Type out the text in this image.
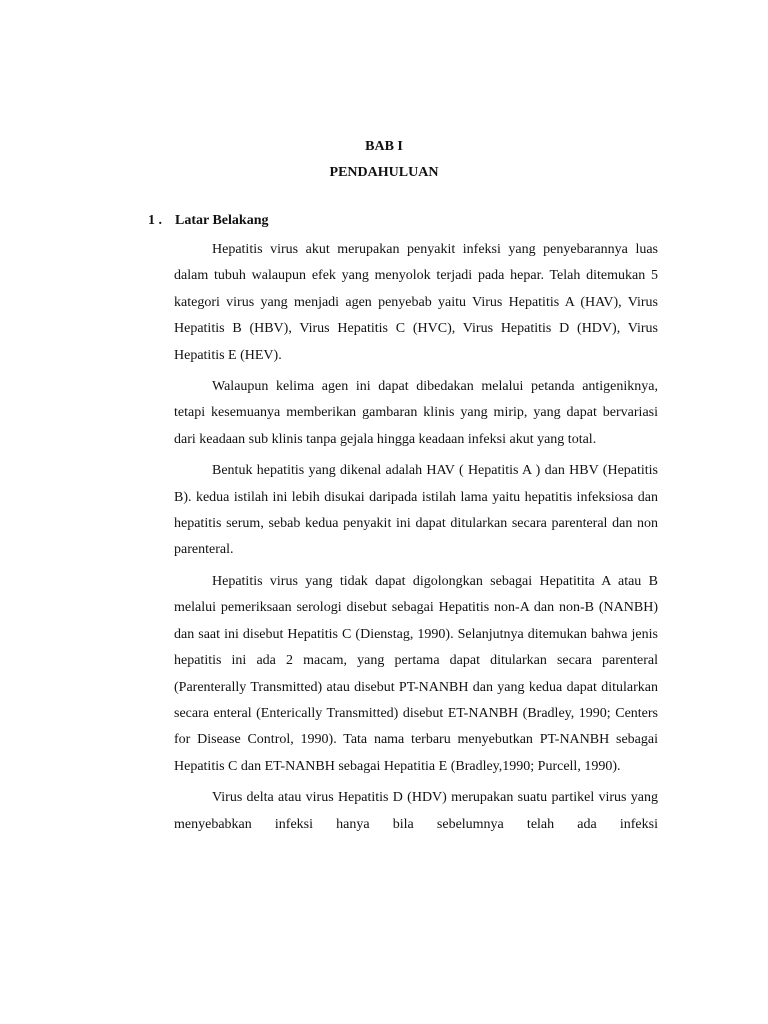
BAB I
PENDAHULUAN
1 . Latar Belakang

Hepatitis virus akut merupakan penyakit infeksi yang penyebarannya luas dalam tubuh walaupun efek yang menyolok terjadi pada hepar. Telah ditemukan 5 kategori virus yang menjadi agen penyebab yaitu Virus Hepatitis A (HAV), Virus Hepatitis B (HBV), Virus Hepatitis C (HVC), Virus Hepatitis D (HDV), Virus Hepatitis E (HEV).

Walaupun kelima agen ini dapat dibedakan melalui petanda antigeniknya, tetapi kesemuanya memberikan gambaran klinis yang mirip, yang dapat bervariasi dari keadaan sub klinis tanpa gejala hingga keadaan infeksi akut yang total.

Bentuk hepatitis yang dikenal adalah HAV ( Hepatitis A ) dan HBV (Hepatitis B). kedua istilah ini lebih disukai daripada istilah lama yaitu hepatitis infeksiosa dan hepatitis serum, sebab kedua penyakit ini dapat ditularkan secara parenteral dan non parenteral.

Hepatitis virus yang tidak dapat digolongkan sebagai Hepatitita A atau B melalui pemeriksaan serologi disebut sebagai Hepatitis non-A dan non-B (NANBH) dan saat ini disebut Hepatitis C (Dienstag, 1990). Selanjutnya ditemukan bahwa jenis hepatitis ini ada 2 macam, yang pertama dapat ditularkan secara parenteral (Parenterally Transmitted) atau disebut PT-NANBH dan yang kedua dapat ditularkan secara enteral (Enterically Transmitted) disebut ET-NANBH (Bradley, 1990; Centers for Disease Control, 1990). Tata nama terbaru menyebutkan PT-NANBH sebagai Hepatitis C dan ET-NANBH sebagai Hepatitia E (Bradley,1990; Purcell, 1990).

Virus delta atau virus Hepatitis D (HDV) merupakan suatu partikel virus yang menyebabkan infeksi hanya bila sebelumnya telah ada infeksi
